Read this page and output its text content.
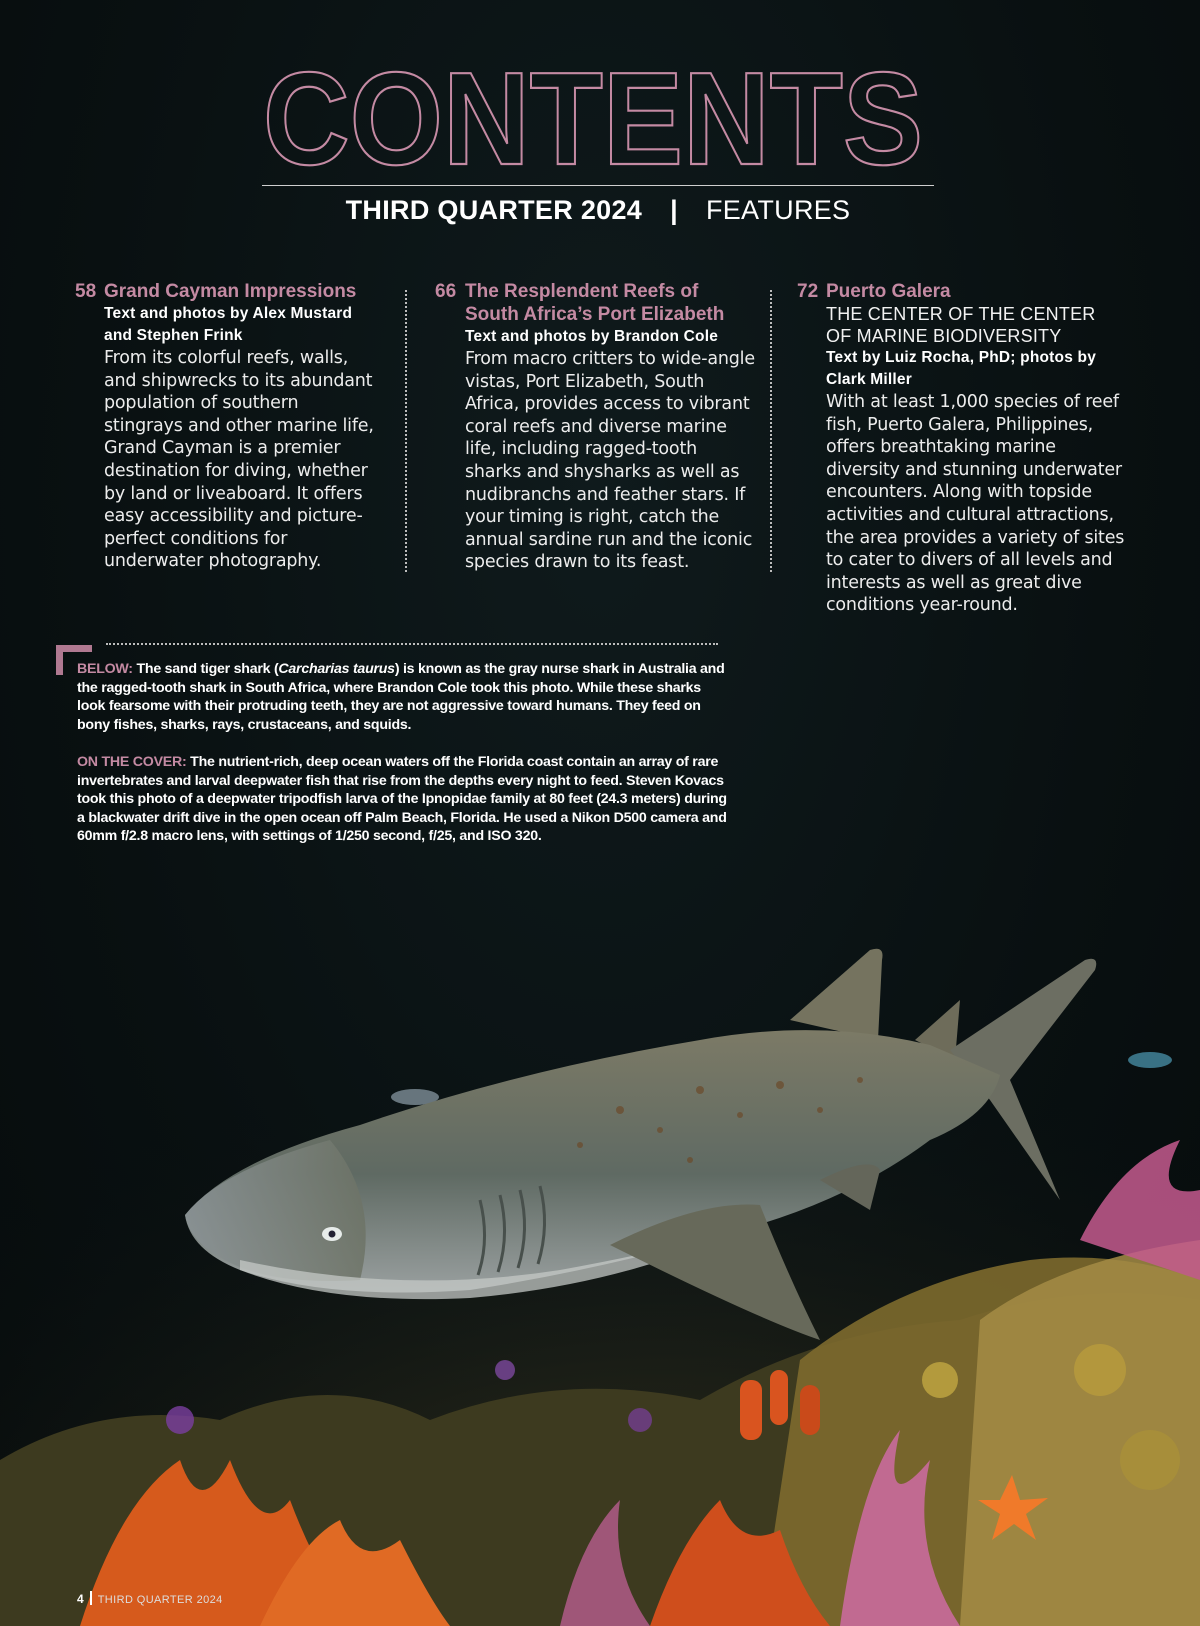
CONTENTS
THIRD QUARTER 2024 | FEATURES
58 Grand Cayman Impressions
Text and photos by Alex Mustard and Stephen Frink
From its colorful reefs, walls, and shipwrecks to its abundant population of southern stingrays and other marine life, Grand Cayman is a premier destination for diving, whether by land or liveaboard. It offers easy accessibility and picture-perfect conditions for underwater photography.
66 The Resplendent Reefs of South Africa’s Port Elizabeth
Text and photos by Brandon Cole
From macro critters to wide-angle vistas, Port Elizabeth, South Africa, provides access to vibrant coral reefs and diverse marine life, including ragged-tooth sharks and shysharks as well as nudibranchs and feather stars. If your timing is right, catch the annual sardine run and the iconic species drawn to its feast.
72 Puerto Galera
THE CENTER OF THE CENTER OF MARINE BIODIVERSITY
Text by Luiz Rocha, PhD; photos by Clark Miller
With at least 1,000 species of reef fish, Puerto Galera, Philippines, offers breathtaking marine diversity and stunning underwater encounters. Along with topside activities and cultural attractions, the area provides a variety of sites to cater to divers of all levels and interests as well as great dive conditions year-round.
BELOW: The sand tiger shark (Carcharias taurus) is known as the gray nurse shark in Australia and the ragged-tooth shark in South Africa, where Brandon Cole took this photo. While these sharks look fearsome with their protruding teeth, they are not aggressive toward humans. They feed on bony fishes, sharks, rays, crustaceans, and squids.
ON THE COVER: The nutrient-rich, deep ocean waters off the Florida coast contain an array of rare invertebrates and larval deepwater fish that rise from the depths every night to feed. Steven Kovacs took this photo of a deepwater tripodfish larva of the Ipnopidae family at 80 feet (24.3 meters) during a blackwater drift dive in the open ocean off Palm Beach, Florida. He used a Nikon D500 camera and 60mm f/2.8 macro lens, with settings of 1/250 second, f/25, and ISO 320.
4 THIRD QUARTER 2024
